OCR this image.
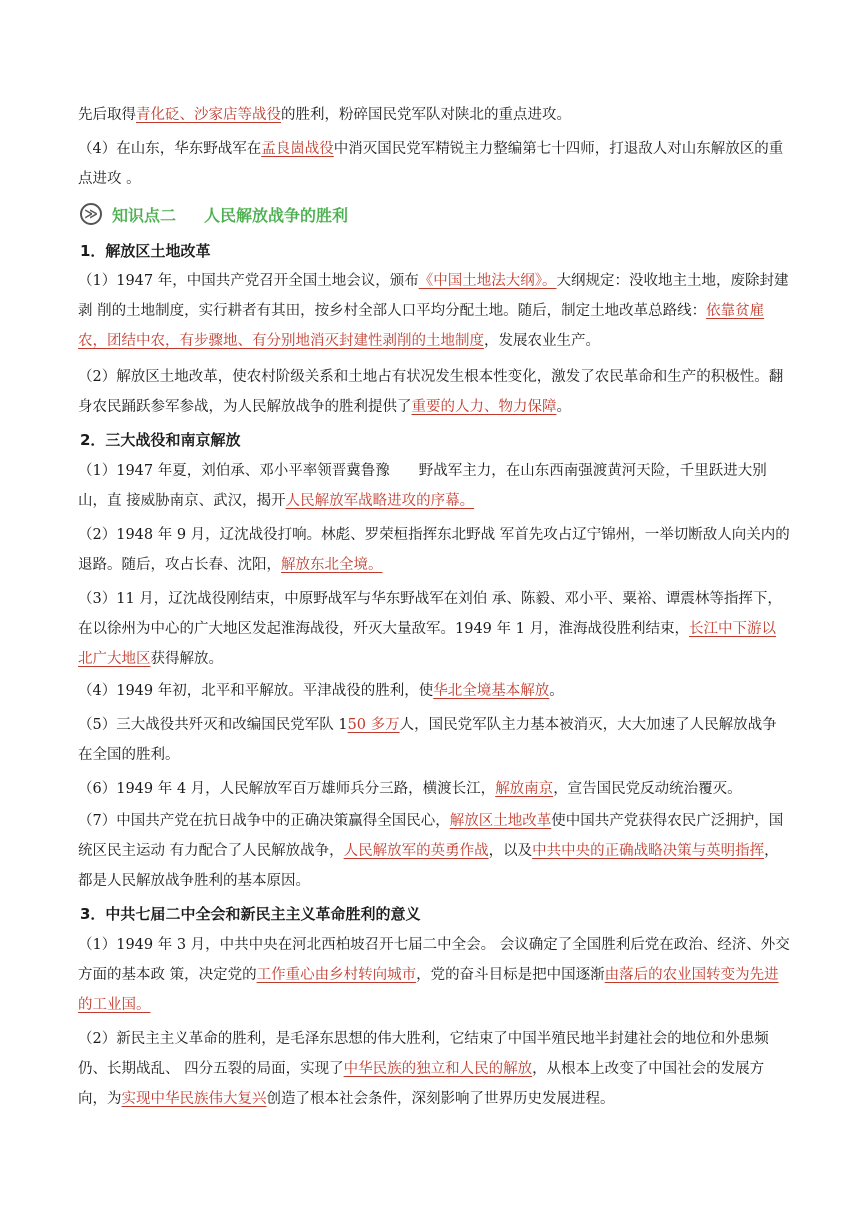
先后取得青化砭、沙家店等战役的胜利，粉碎国民党军队对陕北的重点进攻。
（4）在山东，华东野战军在孟良崮战役中消灭国民党军精锐主力整编第七十四师，打退敌人对山东解放区的重点进攻 。
≫ 知识点二 人民解放战争的胜利
1．解放区土地改革
（1）1947 年，中国共产党召开全国土地会议，颁布《中国土地法大纲》。大纲规定：没收地主土地，废除封建剥 削的土地制度，实行耕者有其田，按乡村全部人口平均分配土地。随后，制定土地改革总路线：依靠贫雇农，团结中农，有步骤地、有分别地消灭封建性剥削的土地制度，发展农业生产。
（2）解放区土地改革，使农村阶级关系和土地占有状况发生根本性变化，激发了农民革命和生产的积极性。翻身农民踊跃参军参战，为人民解放战争的胜利提供了重要的人力、物力保障。
2．三大战役和南京解放
（1）1947 年夏，刘伯承、邓小平率领晋冀鲁豫　　野战军主力，在山东西南强渡黄河天险，千里跃进大别山，直 接威胁南京、武汉，揭开人民解放军战略进攻的序幕。
（2）1948 年 9 月，辽沈战役打响。林彪、罗荣桓指挥东北野战 军首先攻占辽宁锦州，一举切断敌人向关内的退路。随后，攻占长春、沈阳，解放东北全境。
（3）11 月，辽沈战役刚结束，中原野战军与华东野战军在刘伯 承、陈毅、邓小平、粟裕、谭震林等指挥下，在以徐州为中心的广大地区发起淮海战役，歼灭大量敌军。1949 年 1 月，淮海战役胜利结束，长江中下游以北广大地区获得解放。
（4）1949 年初，北平和平解放。平津战役的胜利，使华北全境基本解放。
（5）三大战役共歼灭和改编国民党军队 150 多万人，国民党军队主力基本被消灭，大大加速了人民解放战争在全国的胜利。
（6）1949 年 4 月，人民解放军百万雄师兵分三路，横渡长江，解放南京，宣告国民党反动统治覆灭。
（7）中国共产党在抗日战争中的正确决策赢得全国民心，解放区土地改革使中国共产党获得农民广泛拥护，国统区民主运动 有力配合了人民解放战争，人民解放军的英勇作战，以及中共中央的正确战略决策与英明指挥，都是人民解放战争胜利的基本原因。
3．中共七届二中全会和新民主主义革命胜利的意义
（1）1949 年 3 月，中共中央在河北西柏坡召开七届二中全会。 会议确定了全国胜利后党在政治、经济、外交方面的基本政 策，决定党的工作重心由乡村转向城市，党的奋斗目标是把中国逐渐由落后的农业国转变为先进的工业国。
（2）新民主主义革命的胜利，是毛泽东思想的伟大胜利，它结束了中国半殖民地半封建社会的地位和外患频仍、长期战乱、 四分五裂的局面，实现了中华民族的独立和人民的解放，从根本上改变了中国社会的发展方向，为实现中华民族伟大复兴创造了根本社会条件，深刻影响了世界历史发展进程。
